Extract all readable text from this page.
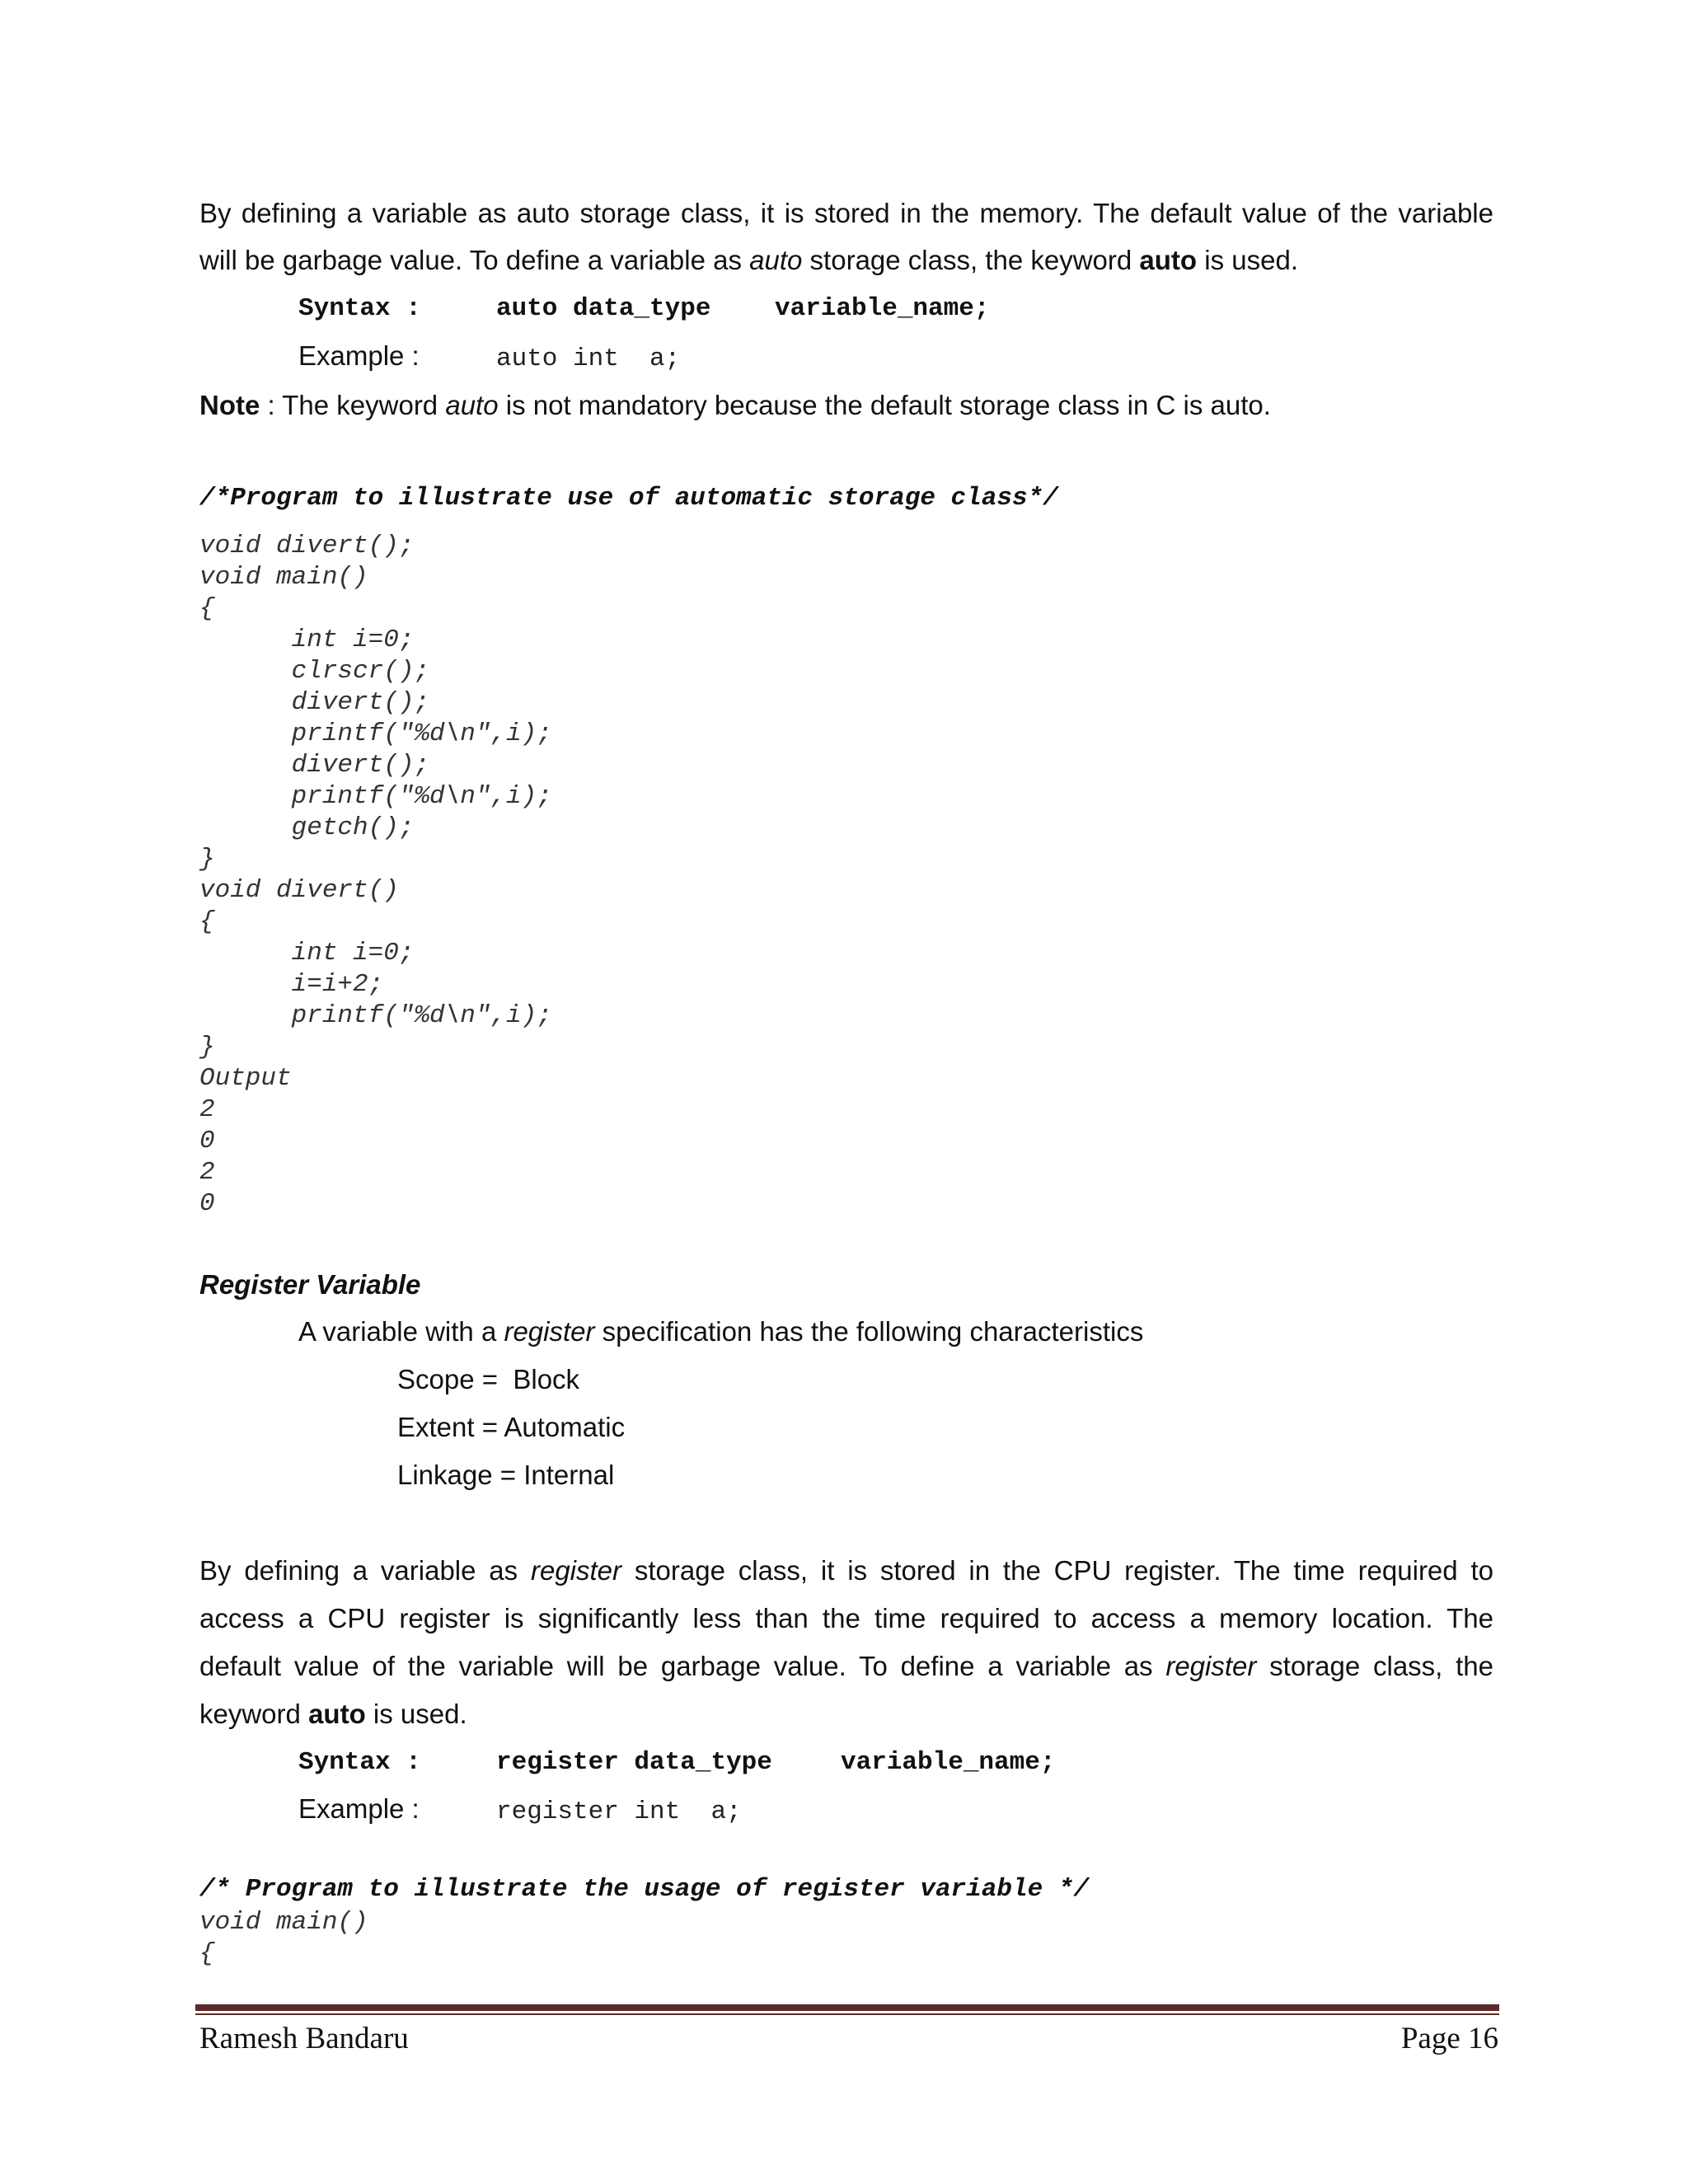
By defining a variable as auto storage class, it is stored in the memory. The default value of the variable
will be garbage value. To define a variable as auto storage class, the keyword auto is used.
Syntax :	auto data_type	variable_name;
Example :	auto int  a;
Note : The keyword auto is not mandatory because the default storage class in C is auto.
/*Program to illustrate use of automatic storage class*/
void divert();
void main()
{
int i=0;
clrscr();
divert();
printf("%d\n",i);
divert();
printf("%d\n",i);
getch();
}
void divert()
{
int i=0;
i=i+2;
printf("%d\n",i);
}
Output
2
0
2
0
Register Variable
A variable with a register specification has the following characteristics
Scope =  Block
Extent = Automatic
Linkage = Internal
By defining a variable as register storage class, it is stored in the CPU register. The time required to
access a CPU register is significantly less than the time required to access a memory location. The
default value of the variable will be garbage value. To define a variable as register storage class, the
keyword auto is used.
Syntax :	register data_type	variable_name;
Example :	register int  a;
/* Program to illustrate the usage of register variable */
void main()
{
Ramesh Bandaru	Page 16
